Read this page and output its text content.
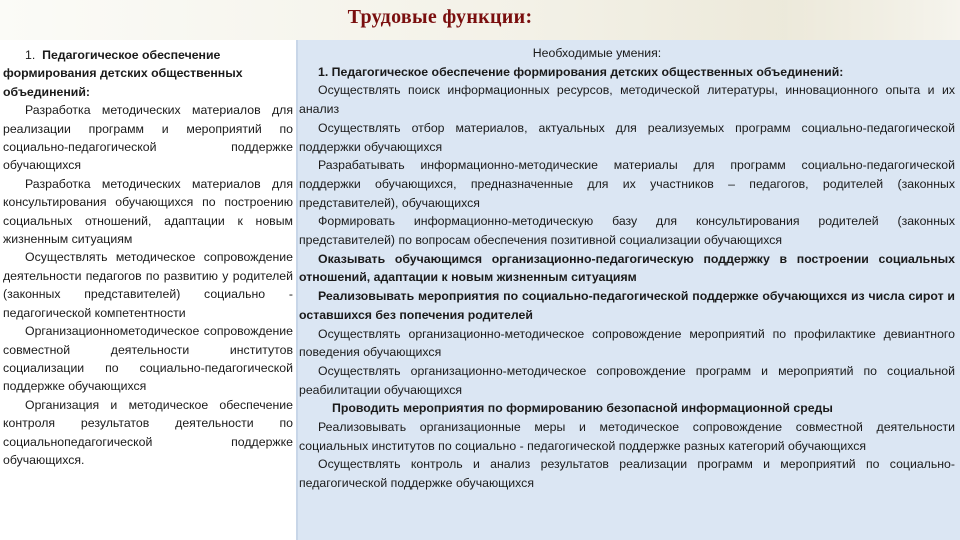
Трудовые функции:

1. Педагогическое обеспечение

формирования детских общественных объединений:

Разработка методических материалов для реализации программ и мероприятий по социально-педагогической поддержке обучающихся

Разработка методических материалов для консультирования обучающихся по построению социальных отношений, адаптации к новым жизненным ситуациям

Осуществлять методическое сопровождение деятельности педагогов по развитию у родителей (законных представителей) социально - педагогической компетентности

Организационнометодическое сопровождение совместной деятельности институтов социализации по социально-педагогической поддержке обучающихся

Организация и методическое обеспечение контроля результатов деятельности по социальнопедагогической поддержке обучающихся.

Необходимые умения:

1. Педагогическое обеспечение формирования детских общественных объединений:

Осуществлять поиск информационных ресурсов, методической литературы, инновационного опыта и их анализ

Осуществлять отбор материалов, актуальных для реализуемых программ социально-педагогической поддержки обучающихся

Разрабатывать информационно-методические материалы для программ социально-педагогической поддержки обучающихся, предназначенные для их участников – педагогов, родителей (законных представителей), обучающихся

Формировать информационно-методическую базу для консультирования родителей (законных представителей) по вопросам обеспечения позитивной социализации обучающихся

Оказывать обучающимся организационно-педагогическую поддержку в построении социальных отношений, адаптации к новым жизненным ситуациям

Реализовывать мероприятия по социально-педагогической поддержке обучающихся из числа сирот и оставшихся без попечения родителей

Осуществлять организационно-методическое сопровождение мероприятий по профилактике девиантного поведения обучающихся

Осуществлять организационно-методическое сопровождение программ и мероприятий по социальной реабилитации обучающихся

Проводить мероприятия по формированию безопасной информационной среды

Реализовывать организационные меры и методическое сопровождение совместной деятельности социальных институтов по социально - педагогической поддержке разных категорий обучающихся

Осуществлять контроль и анализ результатов реализации программ и мероприятий по социально-педагогической поддержке обучающихся
